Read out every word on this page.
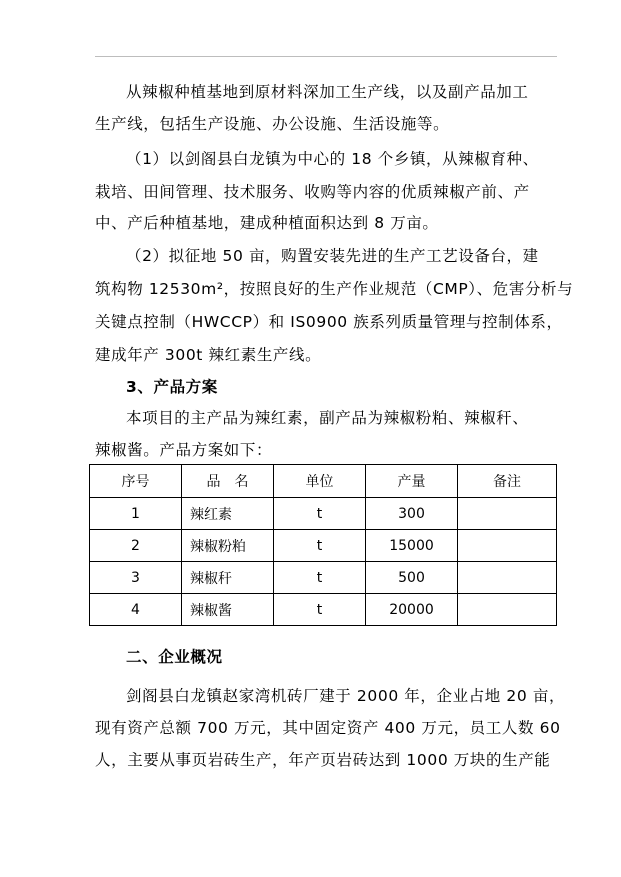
从辣椒种植基地到原材料深加工生产线，以及副产品加工
生产线，包括生产设施、办公设施、生活设施等。
（1）以剑阁县白龙镇为中心的 18 个乡镇，从辣椒育种、
栽培、田间管理、技术服务、收购等内容的优质辣椒产前、产
中、产后种植基地，建成种植面积达到 8 万亩。
（2）拟征地 50 亩，购置安装先进的生产工艺设备台，建
筑构物 12530m²，按照良好的生产作业规范（CMP）、危害分析与
关键点控制（HWCCP）和 IS0900 族系列质量管理与控制体系，
建成年产 300t 辣红素生产线。
3、产品方案
本项目的主产品为辣红素，副产品为辣椒粉粕、辣椒秆、
辣椒酱。产品方案如下：
序号	品　名	单位	产量	备注
1	辣红素	t	300	
2	辣椒粉粕	t	15000	
3	辣椒秆	t	500	
4	辣椒酱	t	20000	
二、企业概况
剑阁县白龙镇赵家湾机砖厂建于 2000 年，企业占地 20 亩，
现有资产总额 700 万元，其中固定资产 400 万元，员工人数 60
人，主要从事页岩砖生产，年产页岩砖达到 1000 万块的生产能
